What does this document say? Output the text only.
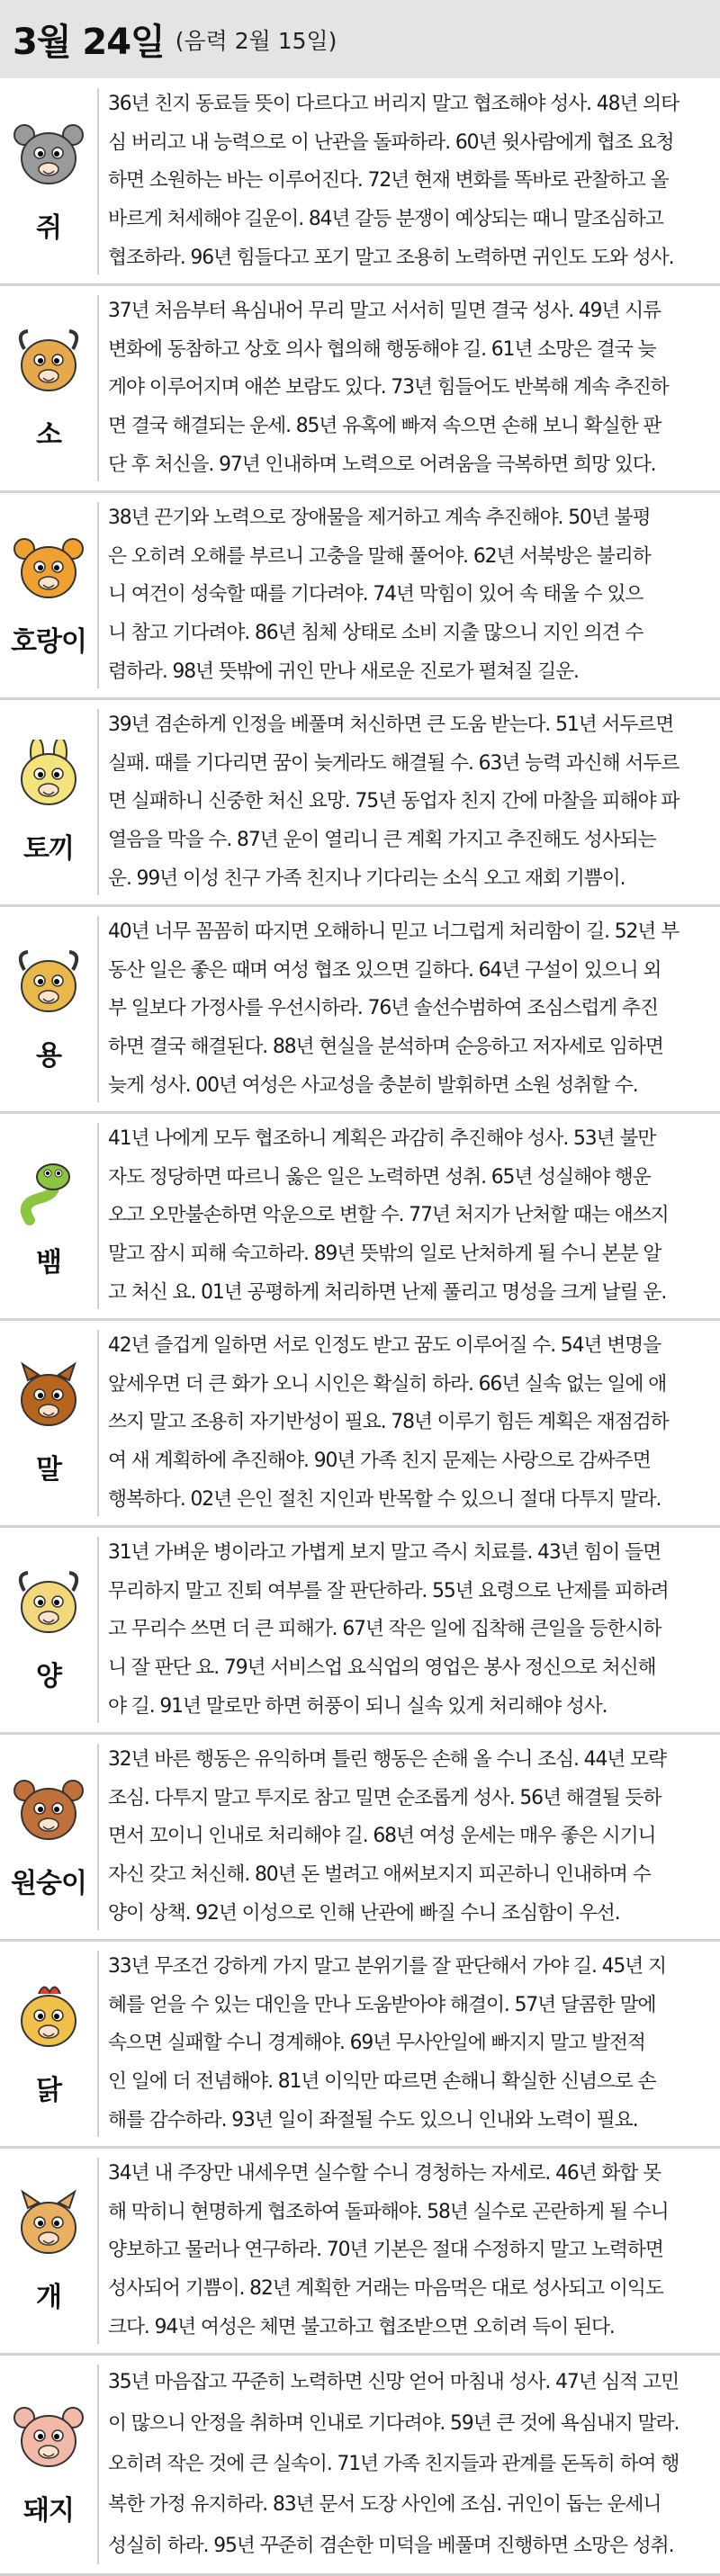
3월 24일 (음력 2월 15일)
쥐
36년 친지 동료들 뜻이 다르다고 버리지 말고 협조해야 성사. 48년 의타
심 버리고 내 능력으로 이 난관을 돌파하라. 60년 윗사람에게 협조 요청
하면 소원하는 바는 이루어진다. 72년 현재 변화를 똑바로 관찰하고 올
바르게 처세해야 길운이. 84년 갈등 분쟁이 예상되는 때니 말조심하고
협조하라. 96년 힘들다고 포기 말고 조용히 노력하면 귀인도 도와 성사.
소
37년 처음부터 욕심내어 무리 말고 서서히 밀면 결국 성사. 49년 시류
변화에 동참하고 상호 의사 협의해 행동해야 길. 61년 소망은 결국 늦
게야 이루어지며 애쓴 보람도 있다. 73년 힘들어도 반복해 계속 추진하
면 결국 해결되는 운세. 85년 유혹에 빠져 속으면 손해 보니 확실한 판
단 후 처신을. 97년 인내하며 노력으로 어려움을 극복하면 희망 있다.
호랑이
38년 끈기와 노력으로 장애물을 제거하고 계속 추진해야. 50년 불평
은 오히려 오해를 부르니 고충을 말해 풀어야. 62년 서북방은 불리하
니 여건이 성숙할 때를 기다려야. 74년 막힘이 있어 속 태울 수 있으
니 참고 기다려야. 86년 침체 상태로 소비 지출 많으니 지인 의견 수
렴하라. 98년 뜻밖에 귀인 만나 새로운 진로가 펼쳐질 길운.
토끼
39년 겸손하게 인정을 베풀며 처신하면 큰 도움 받는다. 51년 서두르면
실패. 때를 기다리면 꿈이 늦게라도 해결될 수. 63년 능력 과신해 서두르
면 실패하니 신중한 처신 요망. 75년 동업자 친지 간에 마찰을 피해야 파
열음을 막을 수. 87년 운이 열리니 큰 계획 가지고 추진해도 성사되는
운. 99년 이성 친구 가족 친지나 기다리는 소식 오고 재회 기쁨이.
용
40년 너무 꼼꼼히 따지면 오해하니 믿고 너그럽게 처리함이 길. 52년 부
동산 일은 좋은 때며 여성 협조 있으면 길하다. 64년 구설이 있으니 외
부 일보다 가정사를 우선시하라. 76년 솔선수범하여 조심스럽게 추진
하면 결국 해결된다. 88년 현실을 분석하며 순응하고 저자세로 임하면
늦게 성사. 00년 여성은 사교성을 충분히 발휘하면 소원 성취할 수.
뱀
41년 나에게 모두 협조하니 계획은 과감히 추진해야 성사. 53년 불만
자도 정당하면 따르니 옳은 일은 노력하면 성취. 65년 성실해야 행운
오고 오만불손하면 악운으로 변할 수. 77년 처지가 난처할 때는 애쓰지
말고 잠시 피해 숙고하라. 89년 뜻밖의 일로 난처하게 될 수니 본분 알
고 처신 요. 01년 공평하게 처리하면 난제 풀리고 명성을 크게 날릴 운.
말
42년 즐겁게 일하면 서로 인정도 받고 꿈도 이루어질 수. 54년 변명을
앞세우면 더 큰 화가 오니 시인은 확실히 하라. 66년 실속 없는 일에 애
쓰지 말고 조용히 자기반성이 필요. 78년 이루기 힘든 계획은 재점검하
여 새 계획하에 추진해야. 90년 가족 친지 문제는 사랑으로 감싸주면
행복하다. 02년 은인 절친 지인과 반목할 수 있으니 절대 다투지 말라.
양
31년 가벼운 병이라고 가볍게 보지 말고 즉시 치료를. 43년 힘이 들면
무리하지 말고 진퇴 여부를 잘 판단하라. 55년 요령으로 난제를 피하려
고 무리수 쓰면 더 큰 피해가. 67년 작은 일에 집착해 큰일을 등한시하
니 잘 판단 요. 79년 서비스업 요식업의 영업은 봉사 정신으로 처신해
야 길. 91년 말로만 하면 허풍이 되니 실속 있게 처리해야 성사.
원숭이
32년 바른 행동은 유익하며 틀린 행동은 손해 올 수니 조심. 44년 모략
조심. 다투지 말고 투지로 참고 밀면 순조롭게 성사. 56년 해결될 듯하
면서 꼬이니 인내로 처리해야 길. 68년 여성 운세는 매우 좋은 시기니
자신 갖고 처신해. 80년 돈 벌려고 애써보지지 피곤하니 인내하며 수
양이 상책. 92년 이성으로 인해 난관에 빠질 수니 조심함이 우선.
닭
33년 무조건 강하게 가지 말고 분위기를 잘 판단해서 가야 길. 45년 지
혜를 얻을 수 있는 대인을 만나 도움받아야 해결이. 57년 달콤한 말에
속으면 실패할 수니 경계해야. 69년 무사안일에 빠지지 말고 발전적
인 일에 더 전념해야. 81년 이익만 따르면 손해니 확실한 신념으로 손
해를 감수하라. 93년 일이 좌절될 수도 있으니 인내와 노력이 필요.
개
34년 내 주장만 내세우면 실수할 수니 경청하는 자세로. 46년 화합 못
해 막히니 현명하게 협조하여 돌파해야. 58년 실수로 곤란하게 될 수니
양보하고 물러나 연구하라. 70년 기본은 절대 수정하지 말고 노력하면
성사되어 기쁨이. 82년 계획한 거래는 마음먹은 대로 성사되고 이익도
크다. 94년 여성은 체면 불고하고 협조받으면 오히려 득이 된다.
돼지
35년 마음잡고 꾸준히 노력하면 신망 얻어 마침내 성사. 47년 심적 고민
이 많으니 안정을 취하며 인내로 기다려야. 59년 큰 것에 욕심내지 말라.
오히려 작은 것에 큰 실속이. 71년 가족 친지들과 관계를 돈독히 하여 행
복한 가정 유지하라. 83년 문서 도장 사인에 조심. 귀인이 돕는 운세니
성실히 하라. 95년 꾸준히 겸손한 미덕을 베풀며 진행하면 소망은 성취.
